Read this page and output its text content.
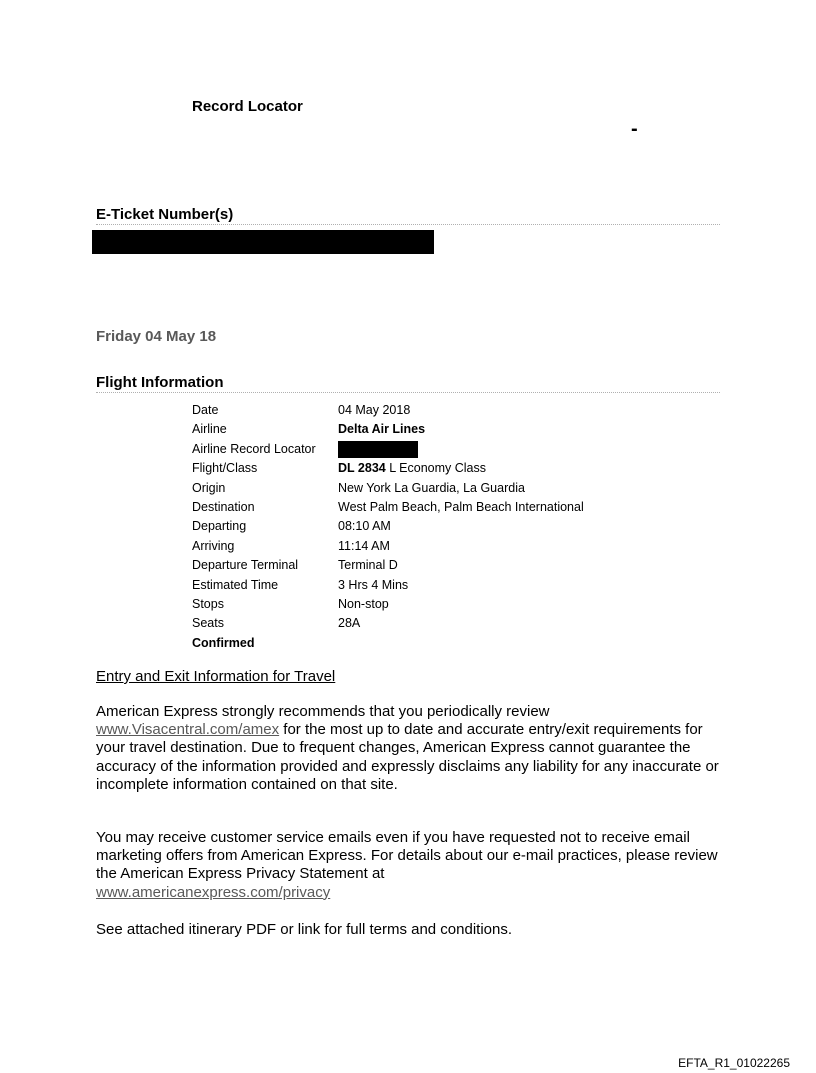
Record Locator
-
E-Ticket Number(s)
Friday 04 May 18
Flight Information
Date	04 May 2018
Airline	Delta Air Lines
Airline Record Locator
Flight/Class	DL 2834 L Economy Class
Origin	New York La Guardia, La Guardia
Destination	West Palm Beach, Palm Beach International
Departing	08:10 AM
Arriving	11:14 AM
Departure Terminal	Terminal D
Estimated Time	3 Hrs 4 Mins
Stops	Non-stop
Seats	28A
Confirmed
Entry and Exit Information for Travel
American Express strongly recommends that you periodically review
www.Visacentral.com/amex for the most up to date and accurate entry/exit requirements for your travel destination. Due to frequent changes, American Express cannot guarantee the accuracy of the information provided and expressly disclaims any liability for any inaccurate or incomplete information contained on that site.
You may receive customer service emails even if you have requested not to receive email marketing offers from American Express. For details about our e-mail practices, please review the American Express Privacy Statement at
www.americanexpress.com/privacy
See attached itinerary PDF or link for full terms and conditions.
EFTA_R1_01022265
